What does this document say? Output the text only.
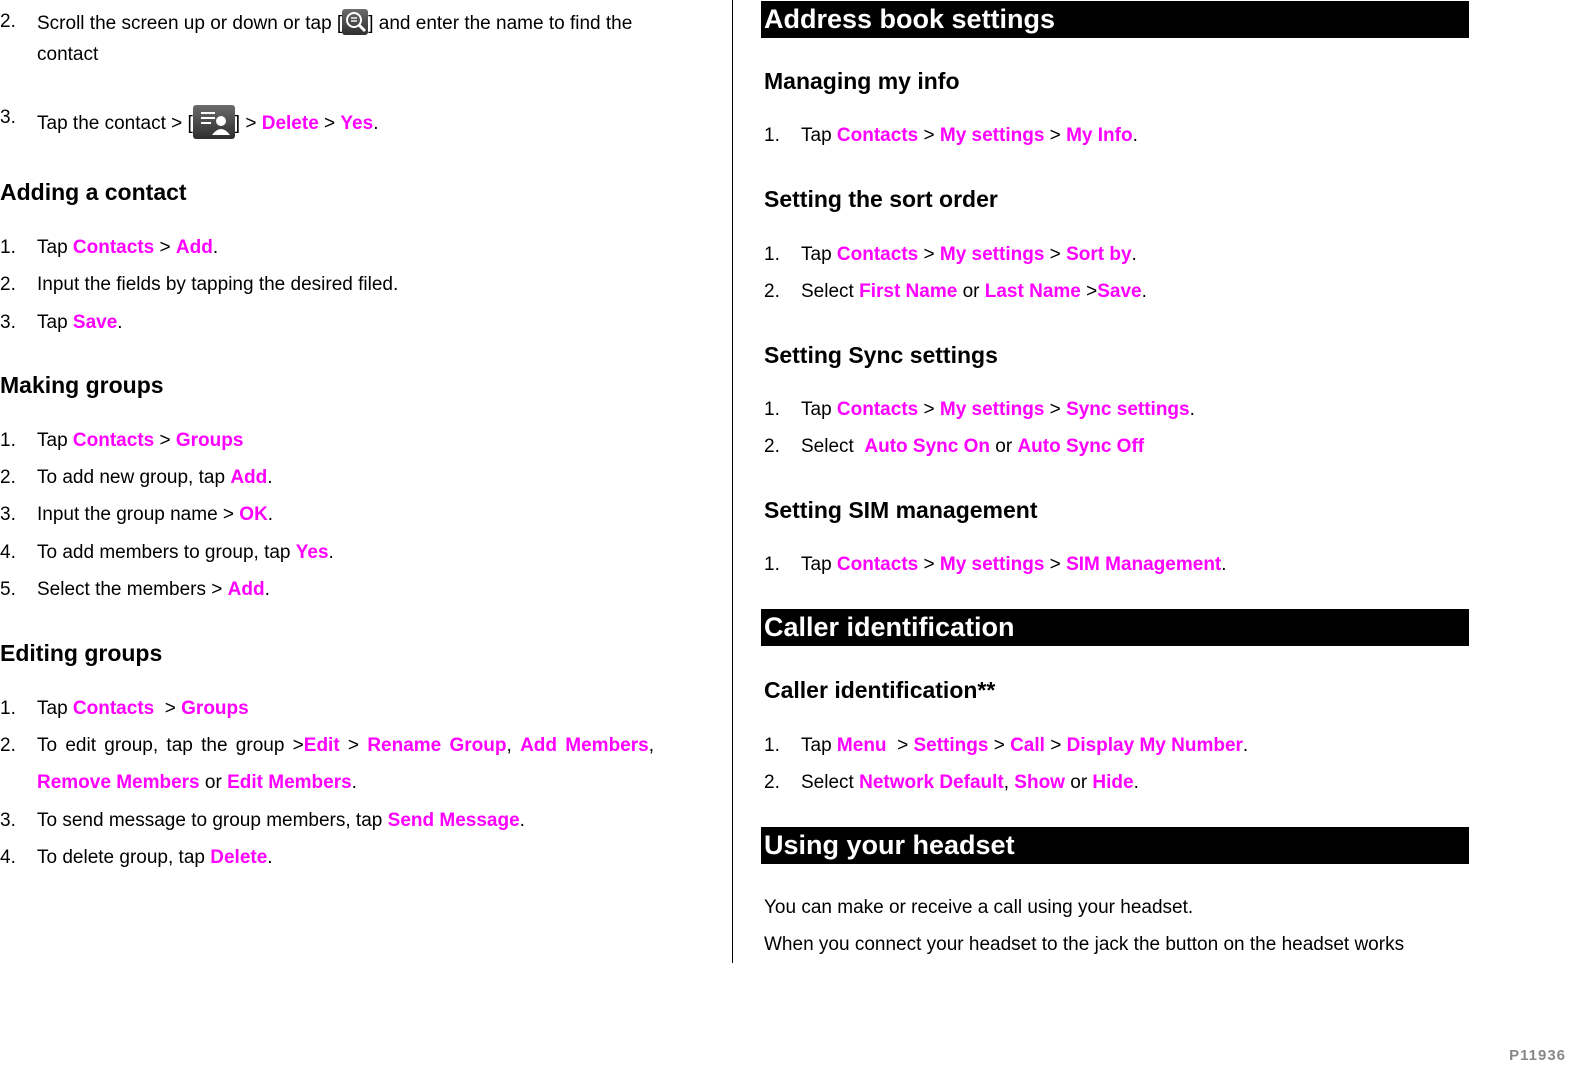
2. Scroll the screen up or down or tap [ ] and enter the name to find the
contact
3. Tap the contact > [ ] > Delete > Yes.
Adding a contact
1. Tap Contacts > Add.
2. Input the fields by tapping the desired filed.
3. Tap Save.
Making groups
1. Tap Contacts > Groups
2. To add new group, tap Add.
3. Input the group name > OK.
4. To add members to group, tap Yes.
5. Select the members > Add.
Editing groups
1. Tap Contacts  > Groups
2. To edit group, tap the group >Edit > Rename Group, Add Members,
Remove Members or Edit Members.
3. To send message to group members, tap Send Message.
4. To delete group, tap Delete.
Address book settings
Managing my info
1. Tap Contacts > My settings > My Info.
Setting the sort order
1. Tap Contacts > My settings > Sort by.
2. Select First Name or Last Name >Save.
Setting Sync settings
1. Tap Contacts > My settings > Sync settings.
2. Select  Auto Sync On or Auto Sync Off
Setting SIM management
1. Tap Contacts > My settings > SIM Management.
Caller identification
Caller identification**
1. Tap Menu  > Settings > Call > Display My Number.
2. Select Network Default, Show or Hide.
Using your headset
You can make or receive a call using your headset.
When you connect your headset to the jack the button on the headset works
P11936
